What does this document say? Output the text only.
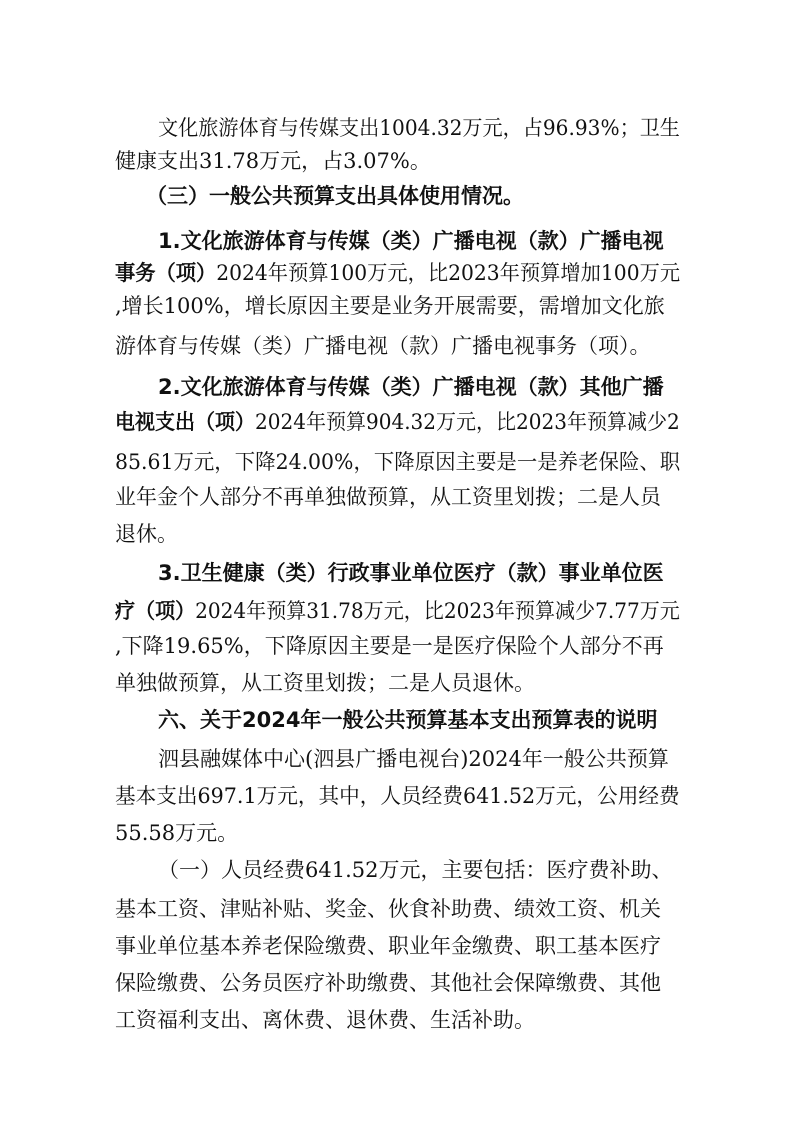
文化旅游体育与传媒支出1004.32万元，占96.93%；卫生
健康支出31.78万元，占3.07%。
（三）一般公共预算支出具体使用情况。
1.文化旅游体育与传媒（类）广播电视（款）广播电视
事务（项）2024年预算100万元，比2023年预算增加100万元
,增长100%，增长原因主要是业务开展需要，需增加文化旅
游体育与传媒（类）广播电视（款）广播电视事务（项）。
2.文化旅游体育与传媒（类）广播电视（款）其他广播
电视支出（项）2024年预算904.32万元，比2023年预算减少2
85.61万元，下降24.00%，下降原因主要是一是养老保险、职
业年金个人部分不再单独做预算，从工资里划拨；二是人员
退休。
3.卫生健康（类）行政事业单位医疗（款）事业单位医
疗（项）2024年预算31.78万元，比2023年预算减少7.77万元
,下降19.65%，下降原因主要是一是医疗保险个人部分不再
单独做预算，从工资里划拨；二是人员退休。
六、关于2024年一般公共预算基本支出预算表的说明
泗县融媒体中心(泗县广播电视台)2024年一般公共预算
基本支出697.1万元，其中，人员经费641.52万元，公用经费
55.58万元。
（一）人员经费641.52万元，主要包括：医疗费补助、
基本工资、津贴补贴、奖金、伙食补助费、绩效工资、机关
事业单位基本养老保险缴费、职业年金缴费、职工基本医疗
保险缴费、公务员医疗补助缴费、其他社会保障缴费、其他
工资福利支出、离休费、退休费、生活补助。
